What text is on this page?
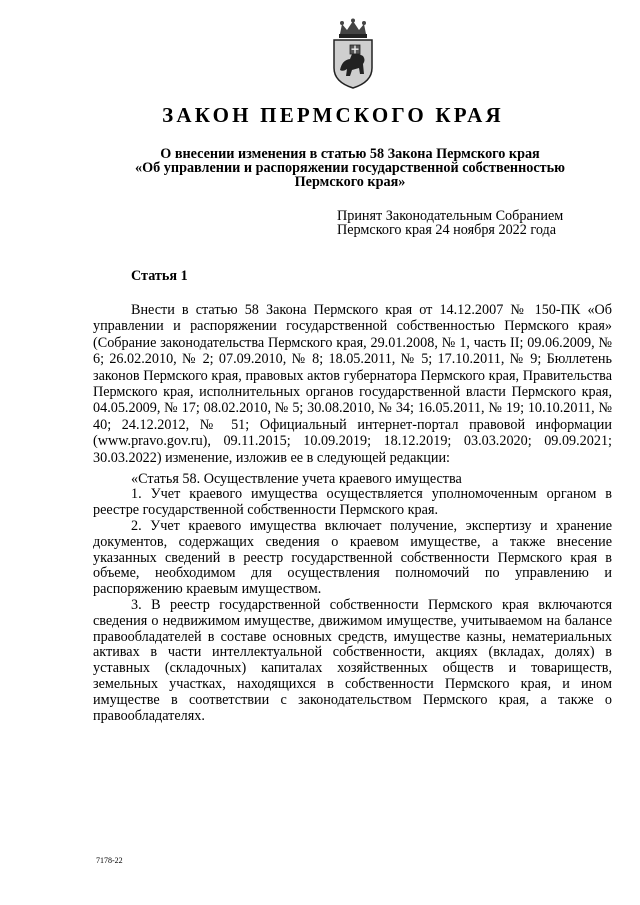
ЗАКОН ПЕРМСКОГО КРАЯ
О внесении изменения в статью 58 Закона Пермского края
«Об управлении и распоряжении государственной собственностью
Пермского края»
Принят Законодательным Собранием
Пермского края 24 ноября 2022 года
Статья 1

Внести в статью 58 Закона Пермского края от 14.12.2007 № 150-ПК «Об управлении и распоряжении государственной собственностью Пермского края» (Собрание законодательства Пермского края, 29.01.2008, № 1, часть II; 09.06.2009, № 6; 26.02.2010, № 2; 07.09.2010, № 8; 18.05.2011, № 5; 17.10.2011, № 9; Бюллетень законов Пермского края, правовых актов губернатора Пермского края, Правительства Пермского края, исполнительных органов государственной власти Пермского края, 04.05.2009, № 17; 08.02.2010, № 5; 30.08.2010, № 34; 16.05.2011, № 19; 10.10.2011, № 40; 24.12.2012, № 51; Официальный интернет-портал правовой информации (www.pravo.gov.ru), 09.11.2015; 10.09.2019; 18.12.2019; 03.03.2020; 09.09.2021; 30.03.2022) изменение, изложив ее в следующей редакции:

«Статья 58. Осуществление учета краевого имущества

1. Учет краевого имущества осуществляется уполномоченным органом в реестре государственной собственности Пермского края.

2. Учет краевого имущества включает получение, экспертизу и хранение документов, содержащих сведения о краевом имуществе, а также внесение указанных сведений в реестр государственной собственности Пермского края в объеме, необходимом для осуществления полномочий по управлению и распоряжению краевым имуществом.

3. В реестр государственной собственности Пермского края включаются сведения о недвижимом имуществе, движимом имуществе, учитываемом на балансе правообладателей в составе основных средств, имуществе казны, нематериальных активах в части интеллектуальной собственности, акциях (вкладах, долях) в уставных (складочных) капиталах хозяйственных обществ и товариществ, земельных участках, находящихся в собственности Пермского края, и ином имуществе в соответствии с законодательством Пермского края, а также о правообладателях.

7178-22
